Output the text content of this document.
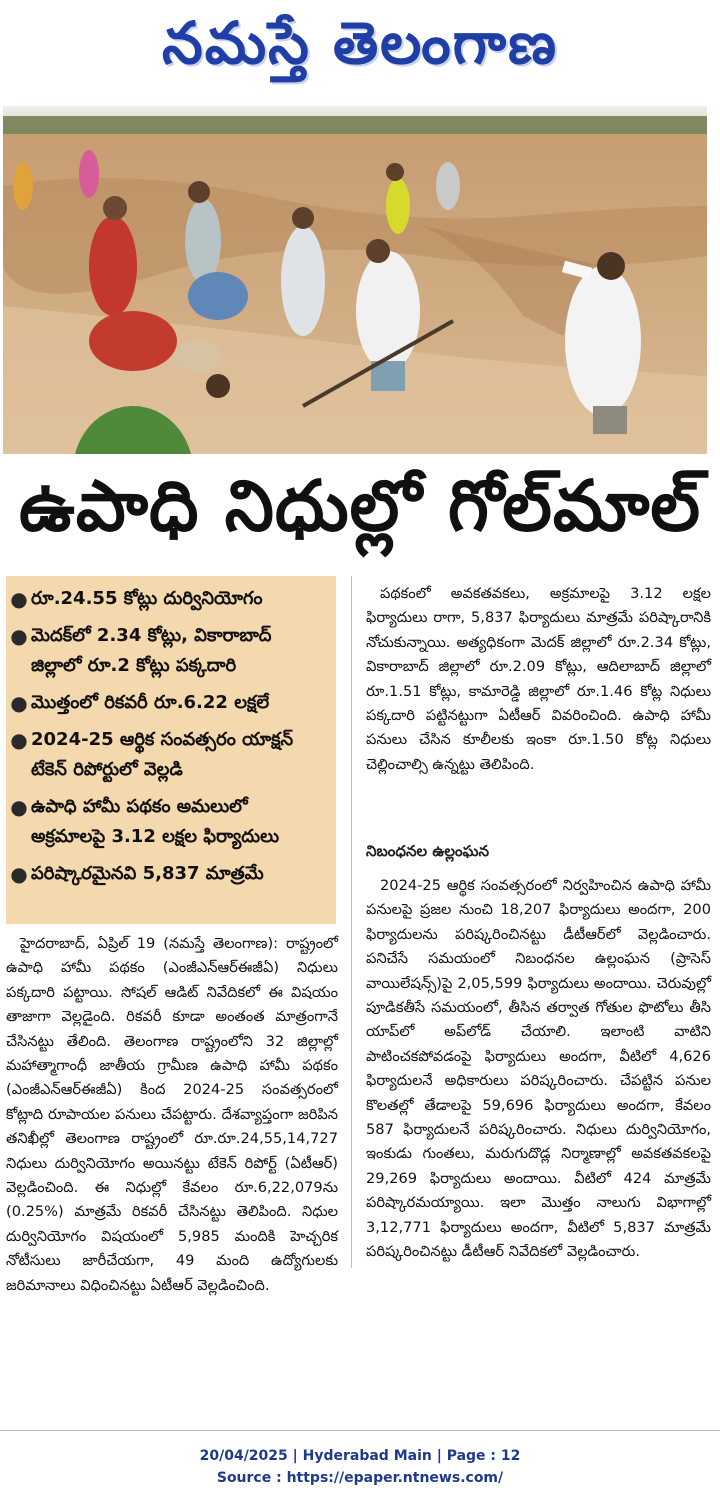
నమస్తే తెలంగాణ
ఉపాధి నిధుల్లో గోల్‌మాల్
● రూ.24.55 కోట్లు దుర్వినియోగం
● మెదక్‌లో 2.34 కోట్లు, వికారాబాద్ జిల్లాలో రూ.2 కోట్లు పక్కదారి
● మొత్తంలో రికవరీ రూ.6.22 లక్షలే
● 2024-25 ఆర్థిక సంవత్సరం యాక్షన్ టేకెన్ రిపోర్టులో వెల్లడి
● ఉపాధి హామీ పథకం అమలులో అక్రమాలపై 3.12 లక్షల ఫిర్యాదులు
● పరిష్కారమైనవి 5,837 మాత్రమే

హైదరాబాద్, ఏప్రిల్ 19 (నమస్తే తెలంగాణ): రాష్ట్రంలో ఉపాధి హామీ పథకం (ఎంజీఎన్‌ఆర్‌ఈజీఏ) నిధులు పక్కదారి పట్టాయి. సోషల్ ఆడిట్ నివేదికలో ఈ విషయం తాజాగా వెల్లడైంది. రికవరీ కూడా అంతంత మాత్రంగానే చేసినట్టు తేలింది. తెలంగాణ రాష్ట్రంలోని 32 జిల్లాల్లో మహాత్మాగాంధీ జాతీయ గ్రామీణ ఉపాధి హామీ పథకం (ఎంజీఎన్‌ఆర్‌ఈజీఏ) కింద 2024-25 సంవత్సరంలో కోట్లాది రూపాయల పనులు చేపట్టారు. దేశవ్యాప్తంగా జరిపిన తనిఖీల్లో తెలంగాణ రాష్ట్రంలో రూ.రూ.24,55,14,727 నిధులు దుర్వినియోగం అయినట్టు టేకెన్ రిపోర్ట్ (ఏటీఆర్) వెల్లడించింది. ఈ నిధుల్లో కేవలం రూ.6,22,079ను (0.25%) మాత్రమే రికవరీ చేసినట్టు తెలిపింది. నిధుల దుర్వినియోగం విషయంలో 5,985 మందికి హెచ్చరిక నోటీసులు జారీచేయగా, 49 మంది ఉద్యోగులకు జరిమానాలు విధించినట్టు ఏటీఆర్ వెల్లడించింది.

పథకంలో అవకతవకలు, అక్రమాలపై 3.12 లక్షల ఫిర్యాదులు రాగా, 5,837 ఫిర్యాదులు మాత్రమే పరిష్కారానికి నోచుకున్నాయి. అత్యధికంగా మెదక్ జిల్లాలో రూ.2.34 కోట్లు, వికారాబాద్ జిల్లాలో రూ.2.09 కోట్లు, ఆదిలాబాద్ జిల్లాలో రూ.1.51 కోట్లు, కామారెడ్డి జిల్లాలో రూ.1.46 కోట్ల నిధులు పక్కదారి పట్టినట్టుగా ఏటీఆర్ వివరించింది. ఉపాధి హామీ పనులు చేసిన కూలీలకు ఇంకా రూ.1.50 కోట్ల నిధులు చెల్లించాల్సి ఉన్నట్టు తెలిపింది.

నిబంధనల ఉల్లంఘన

2024-25 ఆర్థిక సంవత్సరంలో నిర్వహించిన ఉపాధి హామీ పనులపై ప్రజల నుంచి 18,207 ఫిర్యాదులు అందగా, 200 ఫిర్యాదులను పరిష్కరించినట్టు డీటీఆర్‌లో వెల్లడించారు. పనిచేసే సమయంలో నిబంధనల ఉల్లంఘన (ప్రాసెస్ వాయిలేషన్స్)పై 2,05,599 ఫిర్యాదులు అందాయి. చెరువుల్లో పూడికతీసే సమయంలో, తీసిన తర్వాత గోతుల ఫొటోలు తీసి యాప్‌లో అప్‌లోడ్ చేయాలి. ఇలాంటి వాటిని పాటించకపోవడంపై ఫిర్యాదులు అందగా, వీటిలో 4,626 ఫిర్యాదులనే అధికారులు పరిష్కరించారు. చేపట్టిన పనుల కొలతల్లో తేడాలపై 59,696 ఫిర్యాదులు అందగా, కేవలం 587 ఫిర్యాదులనే పరిష్కరించారు. నిధులు దుర్వినియోగం, ఇంకుడు గుంతలు, మరుగుదొడ్ల నిర్మాణాల్లో అవకతవకలపై 29,269 ఫిర్యాదులు అందాయి. వీటిలో 424 మాత్రమే పరిష్కారమయ్యాయి. ఇలా మొత్తం నాలుగు విభాగాల్లో 3,12,771 ఫిర్యాదులు అందగా, వీటిలో 5,837 మాత్రమే పరిష్కరించినట్టు డీటీఆర్ నివేదికలో వెల్లడించారు.

20/04/2025 | Hyderabad Main | Page : 12
Source : https://epaper.ntnews.com/
